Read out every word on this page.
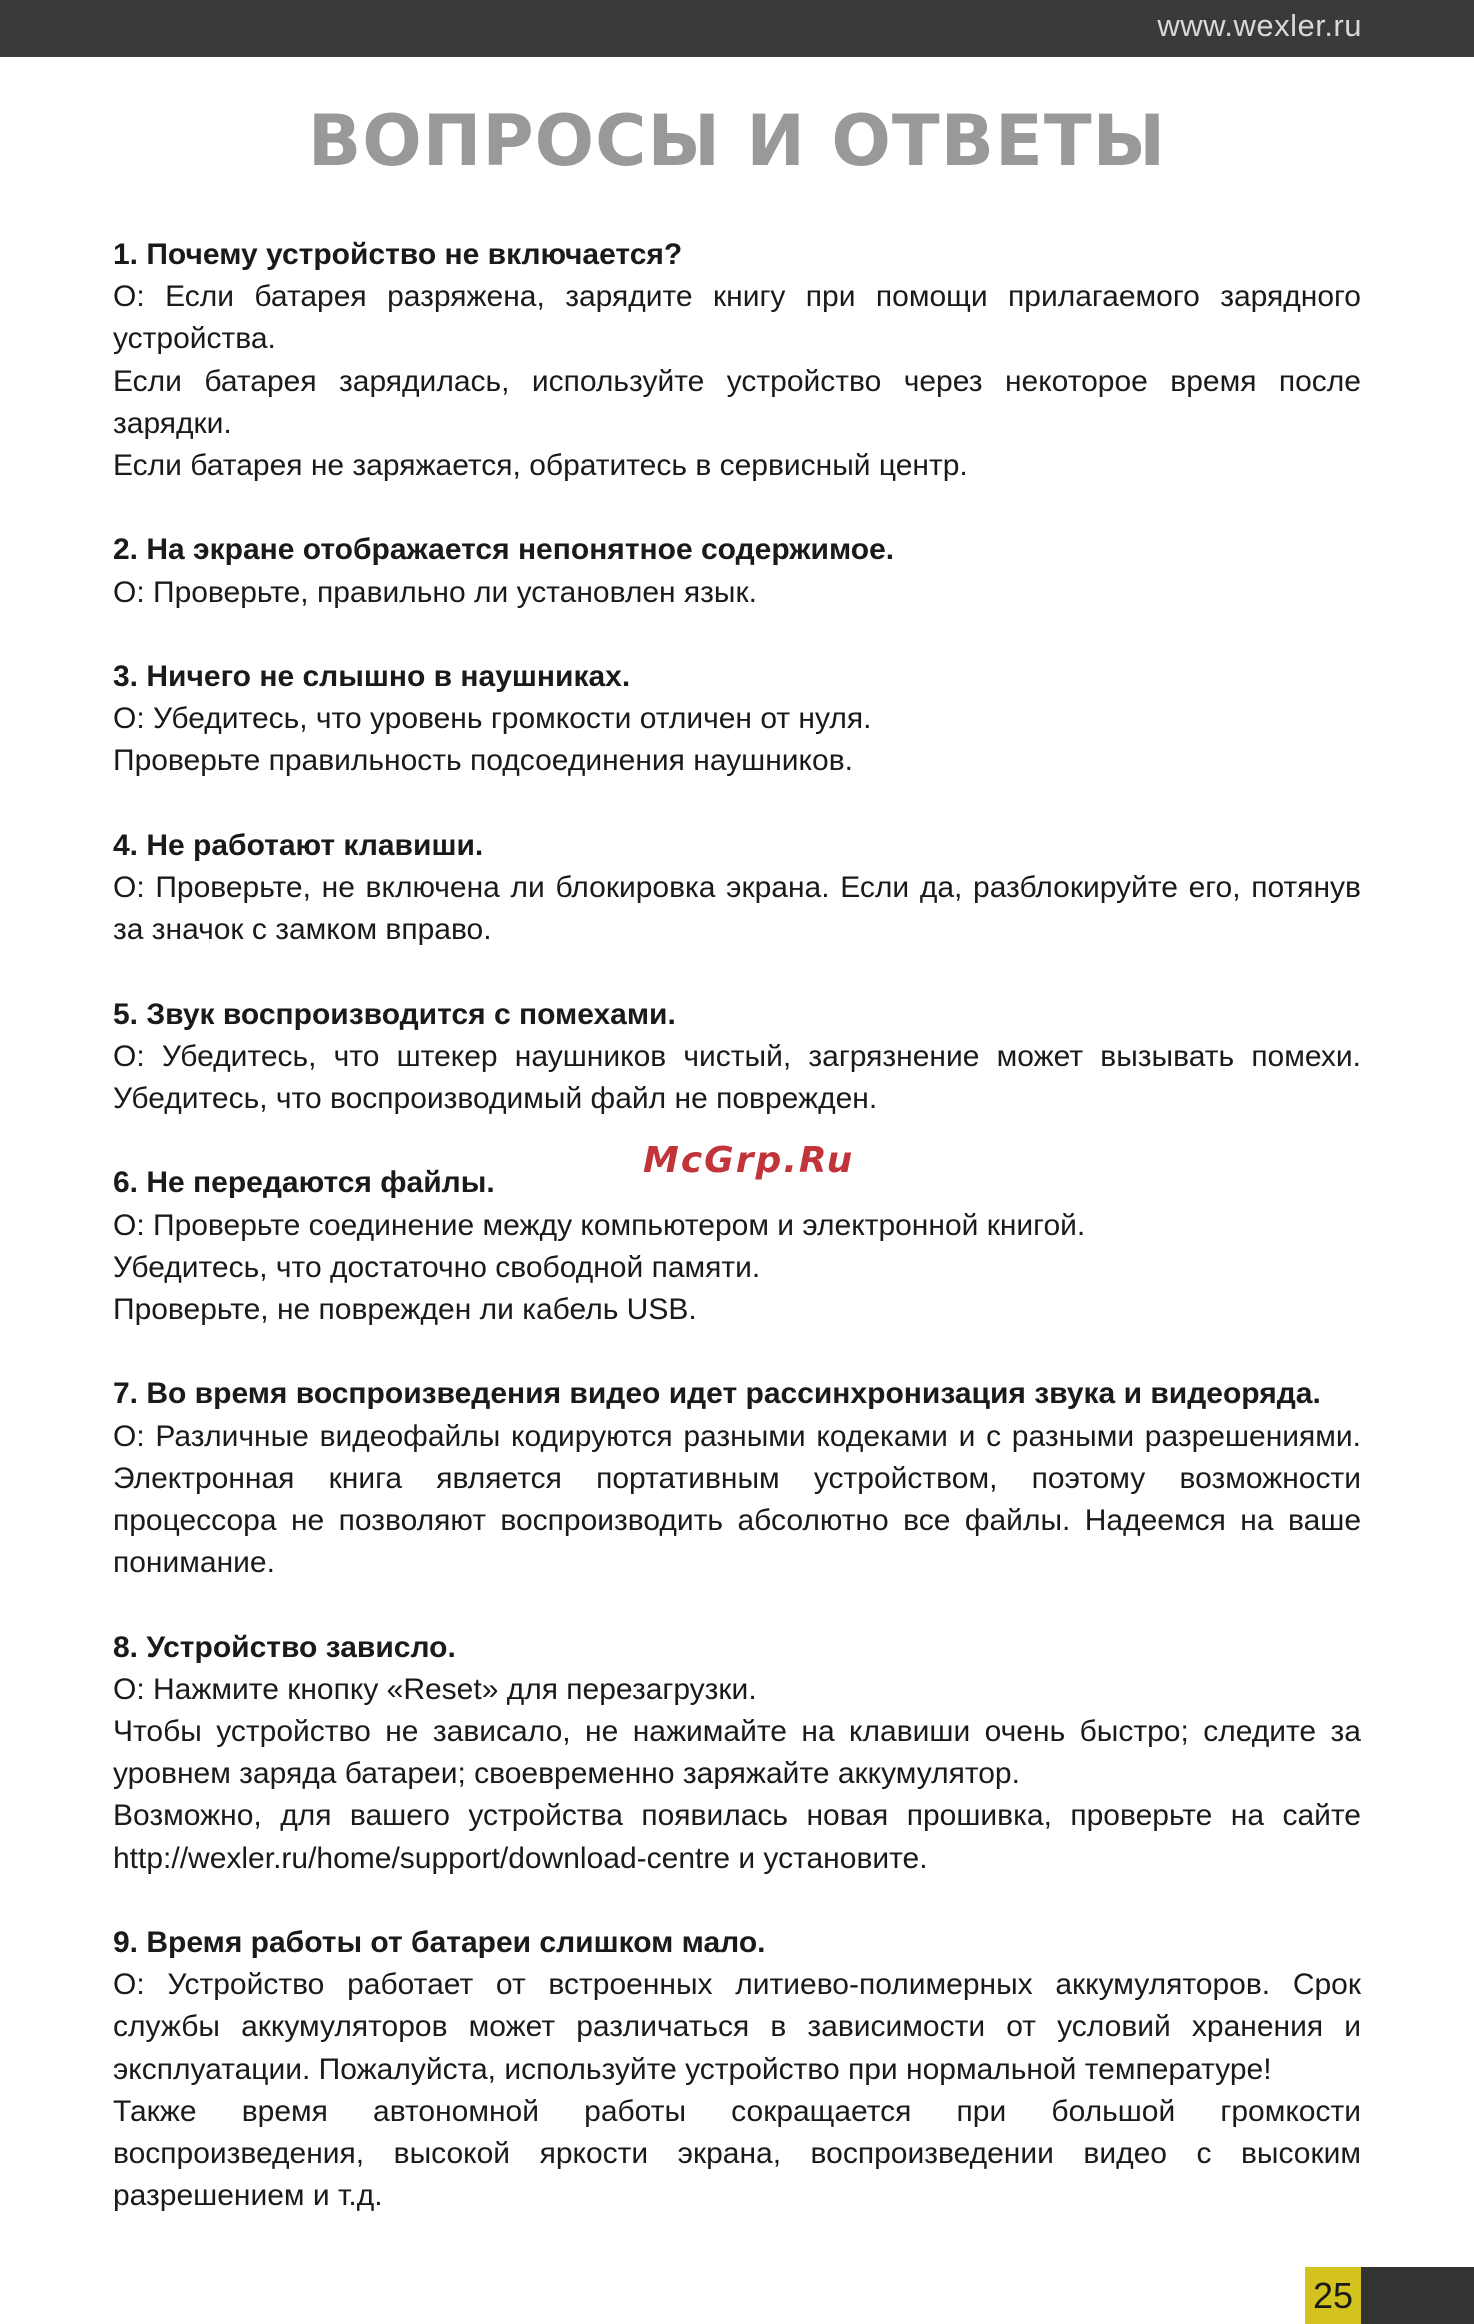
www.wexler.ru
ВОПРОСЫ И ОТВЕТЫ

1. Почему устройство не включается?

О: Если батарея разряжена, зарядите книгу при помощи прилагаемого зарядного устройства.

Если батарея зарядилась, используйте устройство через некоторое время после зарядки.

Если батарея не заряжается, обратитесь в сервисный центр.

2. На экране отображается непонятное содержимое.

О: Проверьте, правильно ли установлен язык.

3. Ничего не слышно в наушниках.

О: Убедитесь, что уровень громкости отличен от нуля.

Проверьте правильность подсоединения наушников.

4. Не работают клавиши.

О: Проверьте, не включена ли блокировка экрана. Если да, разблокируйте его, потянув за значок с замком вправо.

5. Звук воспроизводится с помехами.

О: Убедитесь, что штекер наушников чистый, загрязнение может вызывать помехи. Убедитесь, что воспроизводимый файл не поврежден.

6. Не передаются файлы.

О: Проверьте соединение между компьютером и электронной книгой.

Убедитесь, что достаточно свободной памяти.

Проверьте, не поврежден ли кабель USB.

7. Во время воспроизведения видео идет рассинхронизация звука и видеоряда.

О: Различные видеофайлы кодируются разными кодеками и с разными разрешениями. Электронная книга является портативным устройством, поэтому возможности процессора не позволяют воспроизводить абсолютно все файлы. Надеемся на ваше понимание.

8. Устройство зависло.

О: Нажмите кнопку «Reset» для перезагрузки.

Чтобы устройство не зависало, не нажимайте на клавиши очень быстро; следите за уровнем заряда батареи; своевременно заряжайте аккумулятор.

Возможно, для вашего устройства появилась новая прошивка, проверьте на сайте http://wexler.ru/home/support/download-centre и установите.

9. Время работы от батареи слишком мало.

О: Устройство работает от встроенных литиево-полимерных аккумуляторов. Срок службы аккумуляторов может различаться в зависимости от условий хранения и эксплуатации. Пожалуйста, используйте устройство при нормальной температуре!

Также время автономной работы сокращается при большой громкости воспроизведения, высокой яркости экрана, воспроизведении видео с высоким разрешением и т.д.

McGrp.Ru
25
